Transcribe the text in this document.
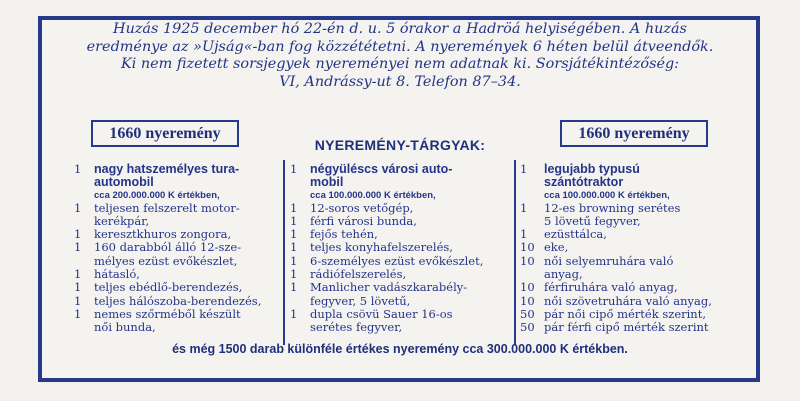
Huzás 1925 december hó 22-én d. u. 5 órakor a Hadröá helyiségében. A huzás
eredménye az »Ujság«-ban fog közzététetni. A nyeremények 6 héten belül átveendők.
Ki nem fizetett sorsjegyek nyereményei nem adatnak ki. Sorsjátékintézőség:
VI, Andrássy-ut 8. Telefon 87–34.
1660 nyeremény	1660 nyeremény
NYEREMÉNY-TÁRGYAK:
1	nagy hatszemélyes tura-
automobil
cca 200.000.000 K értékben,
1	teljesen felszerelt motor-
kerékpár,
1	keresztkhuros zongora,
1	160 darabból álló 12-sze-
mélyes ezüst evőkészlet,
1	hátasló,
1	teljes ebédlő-berendezés,
1	teljes hálószoba-berendezés,
1	nemes szőrméből készült
női bunda,
1	négyüléscs városi auto-
mobil
cca 100.000.000 K értékben,
1	12-soros vetőgép,
1	férfi városi bunda,
1	fejős tehén,
1	teljes konyhafelszerelés,
1	6-személyes ezüst evőkészlet,
1	rádiófelszerelés,
1	Manlicher vadászkarabély-
fegyver, 5 lövetű,
1	dupla csövü Sauer 16-os
serétes fegyver,
1	legujabb typusú
szántótraktor
cca 100.000.000 K értékben,
1	12-es browning serétes
5 lövetű fegyver,
1	ezüsttálca,
10 eke,
10 női selyemruhára való
anyag,
10 férfiruhára való anyag,
10 női szövetruhára való anyag,
50 pár női cipő mérték szerint,
50 pár férfi cipő mérték szerint
és még 1500 darab különféle értékes nyeremény cca 300.000.000 K értékben.
